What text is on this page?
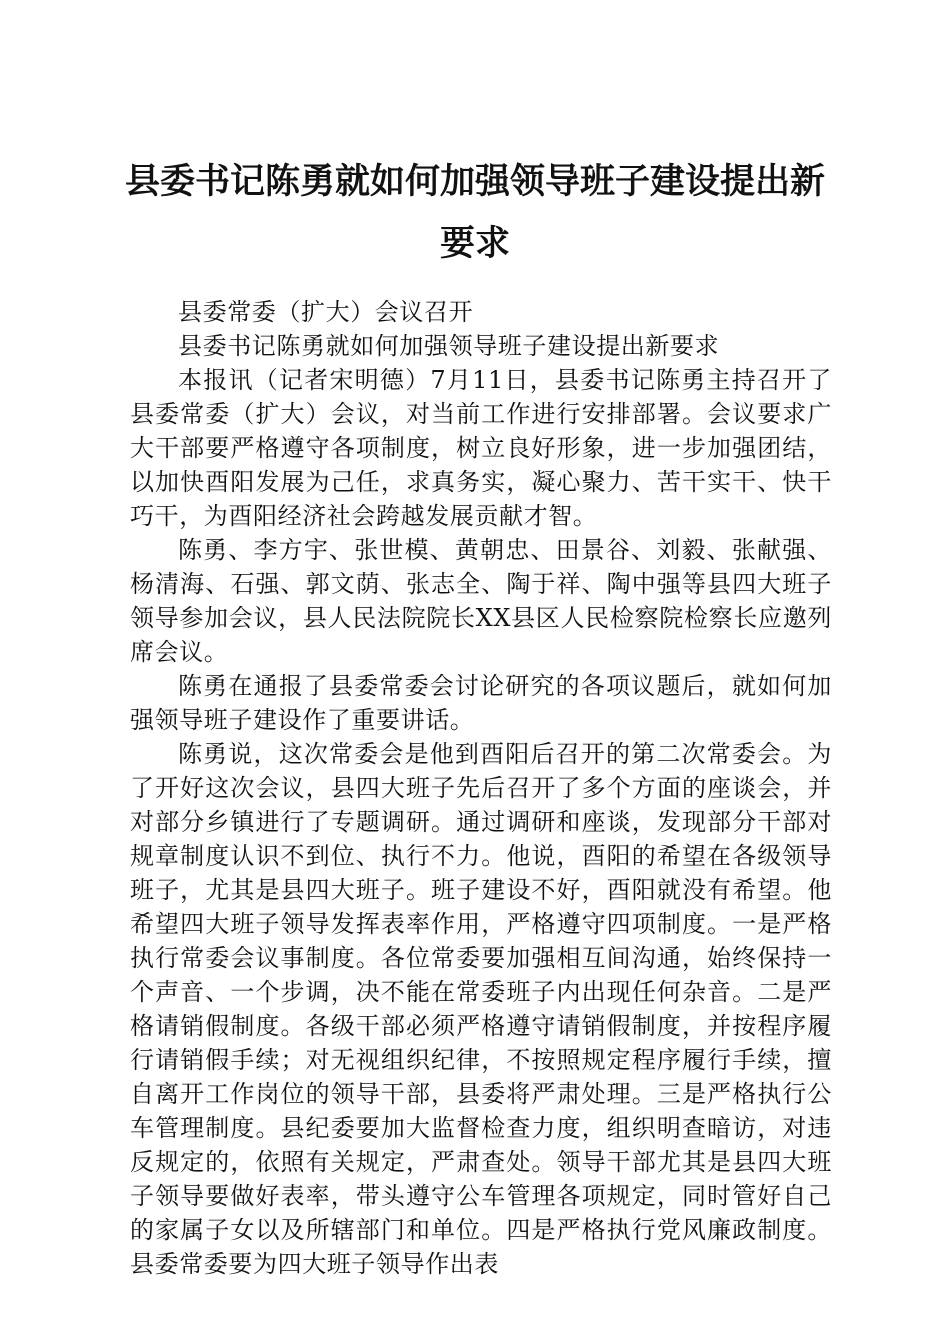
县委书记陈勇就如何加强领导班子建设提出新
要求

县委常委（扩大）会议召开

县委书记陈勇就如何加强领导班子建设提出新要求

本报讯（记者宋明德）7月11日，县委书记陈勇主持召开了县委常委（扩大）会议，对当前工作进行安排部署。会议要求广大干部要严格遵守各项制度，树立良好形象，进一步加强团结，以加快酉阳发展为己任，求真务实，凝心聚力、苦干实干、快干巧干，为酉阳经济社会跨越发展贡献才智。

陈勇、李方宇、张世模、黄朝忠、田景谷、刘毅、张献强、杨清海、石强、郭文荫、张志全、陶于祥、陶中强等县四大班子领导参加会议，县人民法院院长XX县区人民检察院检察长应邀列席会议。

陈勇在通报了县委常委会讨论研究的各项议题后，就如何加强领导班子建设作了重要讲话。

陈勇说，这次常委会是他到酉阳后召开的第二次常委会。为了开好这次会议，县四大班子先后召开了多个方面的座谈会，并对部分乡镇进行了专题调研。通过调研和座谈，发现部分干部对规章制度认识不到位、执行不力。他说，酉阳的希望在各级领导班子，尤其是县四大班子。班子建设不好，酉阳就没有希望。他希望四大班子领导发挥表率作用，严格遵守四项制度。一是严格执行常委会议事制度。各位常委要加强相互间沟通，始终保持一个声音、一个步调，决不能在常委班子内出现任何杂音。二是严格请销假制度。各级干部必须严格遵守请销假制度，并按程序履行请销假手续；对无视组织纪律，不按照规定程序履行手续，擅自离开工作岗位的领导干部，县委将严肃处理。三是严格执行公车管理制度。县纪委要加大监督检查力度，组织明查暗访，对违反规定的，依照有关规定，严肃查处。领导干部尤其是县四大班子领导要做好表率，带头遵守公车管理各项规定，同时管好自己的家属子女以及所辖部门和单位。四是严格执行党风廉政制度。县委常委要为四大班子领导作出表
